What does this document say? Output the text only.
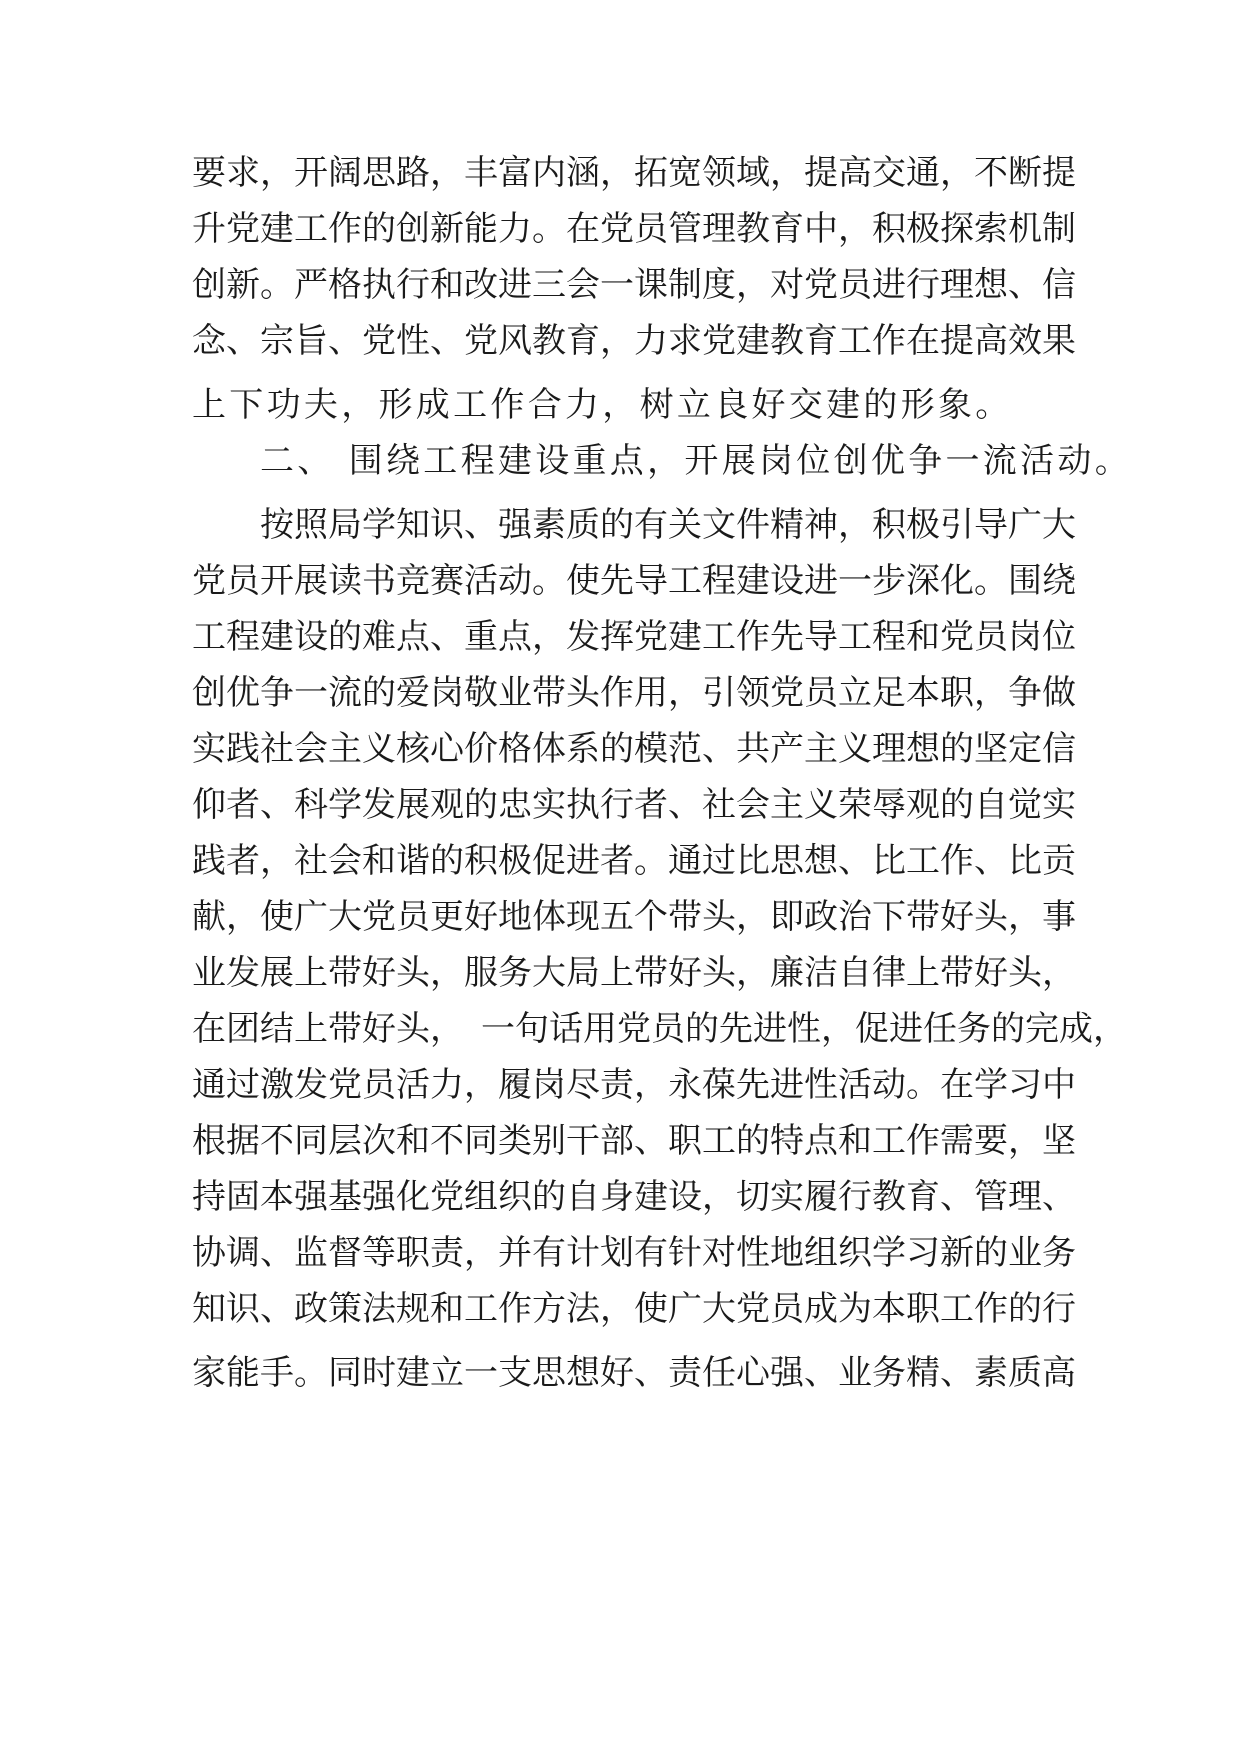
要求，开阔思路，丰富内涵，拓宽领域，提高交通，不断提
升党建工作的创新能力。在党员管理教育中，积极探索机制
创新。严格执行和改进三会一课制度，对党员进行理想、信
念、宗旨、党性、党风教育，力求党建教育工作在提高效果
上下功夫，形成工作合力，树立良好交建的形象。
二、 围绕工程建设重点，开展岗位创优争一流活动。
按照局学知识、强素质的有关文件精神，积极引导广大
党员开展读书竞赛活动。使先导工程建设进一步深化。围绕
工程建设的难点、重点，发挥党建工作先导工程和党员岗位
创优争一流的爱岗敬业带头作用，引领党员立足本职，争做
实践社会主义核心价格体系的模范、共产主义理想的坚定信
仰者、科学发展观的忠实执行者、社会主义荣辱观的自觉实
践者，社会和谐的积极促进者。通过比思想、比工作、比贡
献，使广大党员更好地体现五个带头，即政治下带好头，事
业发展上带好头，服务大局上带好头，廉洁自律上带好头，
在团结上带好头，　一句话用党员的先进性，促进任务的完成，
通过激发党员活力，履岗尽责，永葆先进性活动。在学习中
根据不同层次和不同类别干部、职工的特点和工作需要，坚
持固本强基强化党组织的自身建设，切实履行教育、管理、
协调、监督等职责，并有计划有针对性地组织学习新的业务
知识、政策法规和工作方法，使广大党员成为本职工作的行
家能手。同时建立一支思想好、责任心强、业务精、素质高
